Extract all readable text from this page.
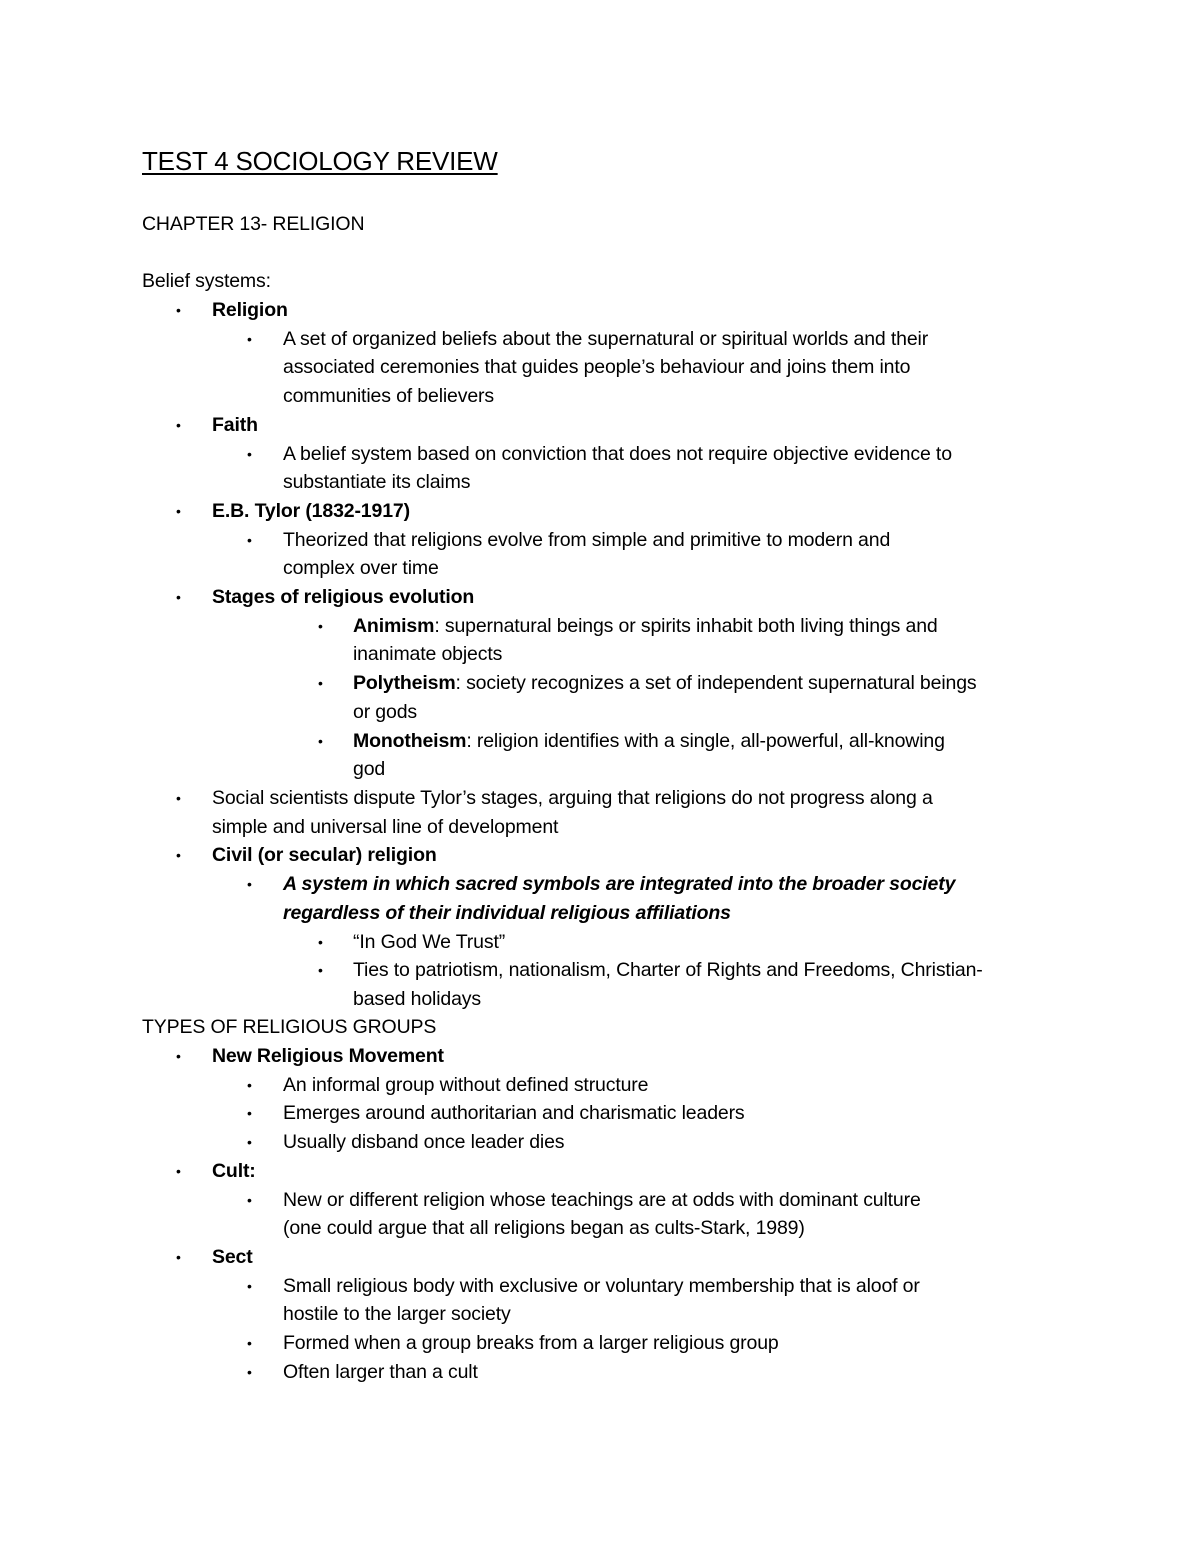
TEST 4 SOCIOLOGY REVIEW
CHAPTER 13- RELIGION
Belief systems:
• Religion
• A set of organized beliefs about the supernatural or spiritual worlds and their
associated ceremonies that guides people’s behaviour and joins them into
communities of believers
• Faith
• A belief system based on conviction that does not require objective evidence to
substantiate its claims
• E.B. Tylor (1832-1917)
• Theorized that religions evolve from simple and primitive to modern and
complex over time
• Stages of religious evolution
• Animism: supernatural beings or spirits inhabit both living things and
inanimate objects
• Polytheism: society recognizes a set of independent supernatural beings
or gods
• Monotheism: religion identifies with a single, all-powerful, all-knowing
god
• Social scientists dispute Tylor’s stages, arguing that religions do not progress along a
simple and universal line of development
• Civil (or secular) religion
• A system in which sacred symbols are integrated into the broader society
regardless of their individual religious affiliations
• “In God We Trust”
• Ties to patriotism, nationalism, Charter of Rights and Freedoms, Christian-
based holidays
TYPES OF RELIGIOUS GROUPS
• New Religious Movement
• An informal group without defined structure
• Emerges around authoritarian and charismatic leaders
• Usually disband once leader dies
• Cult:
• New or different religion whose teachings are at odds with dominant culture
(one could argue that all religions began as cults-Stark, 1989)
• Sect
• Small religious body with exclusive or voluntary membership that is aloof or
hostile to the larger society
• Formed when a group breaks from a larger religious group
• Often larger than a cult
